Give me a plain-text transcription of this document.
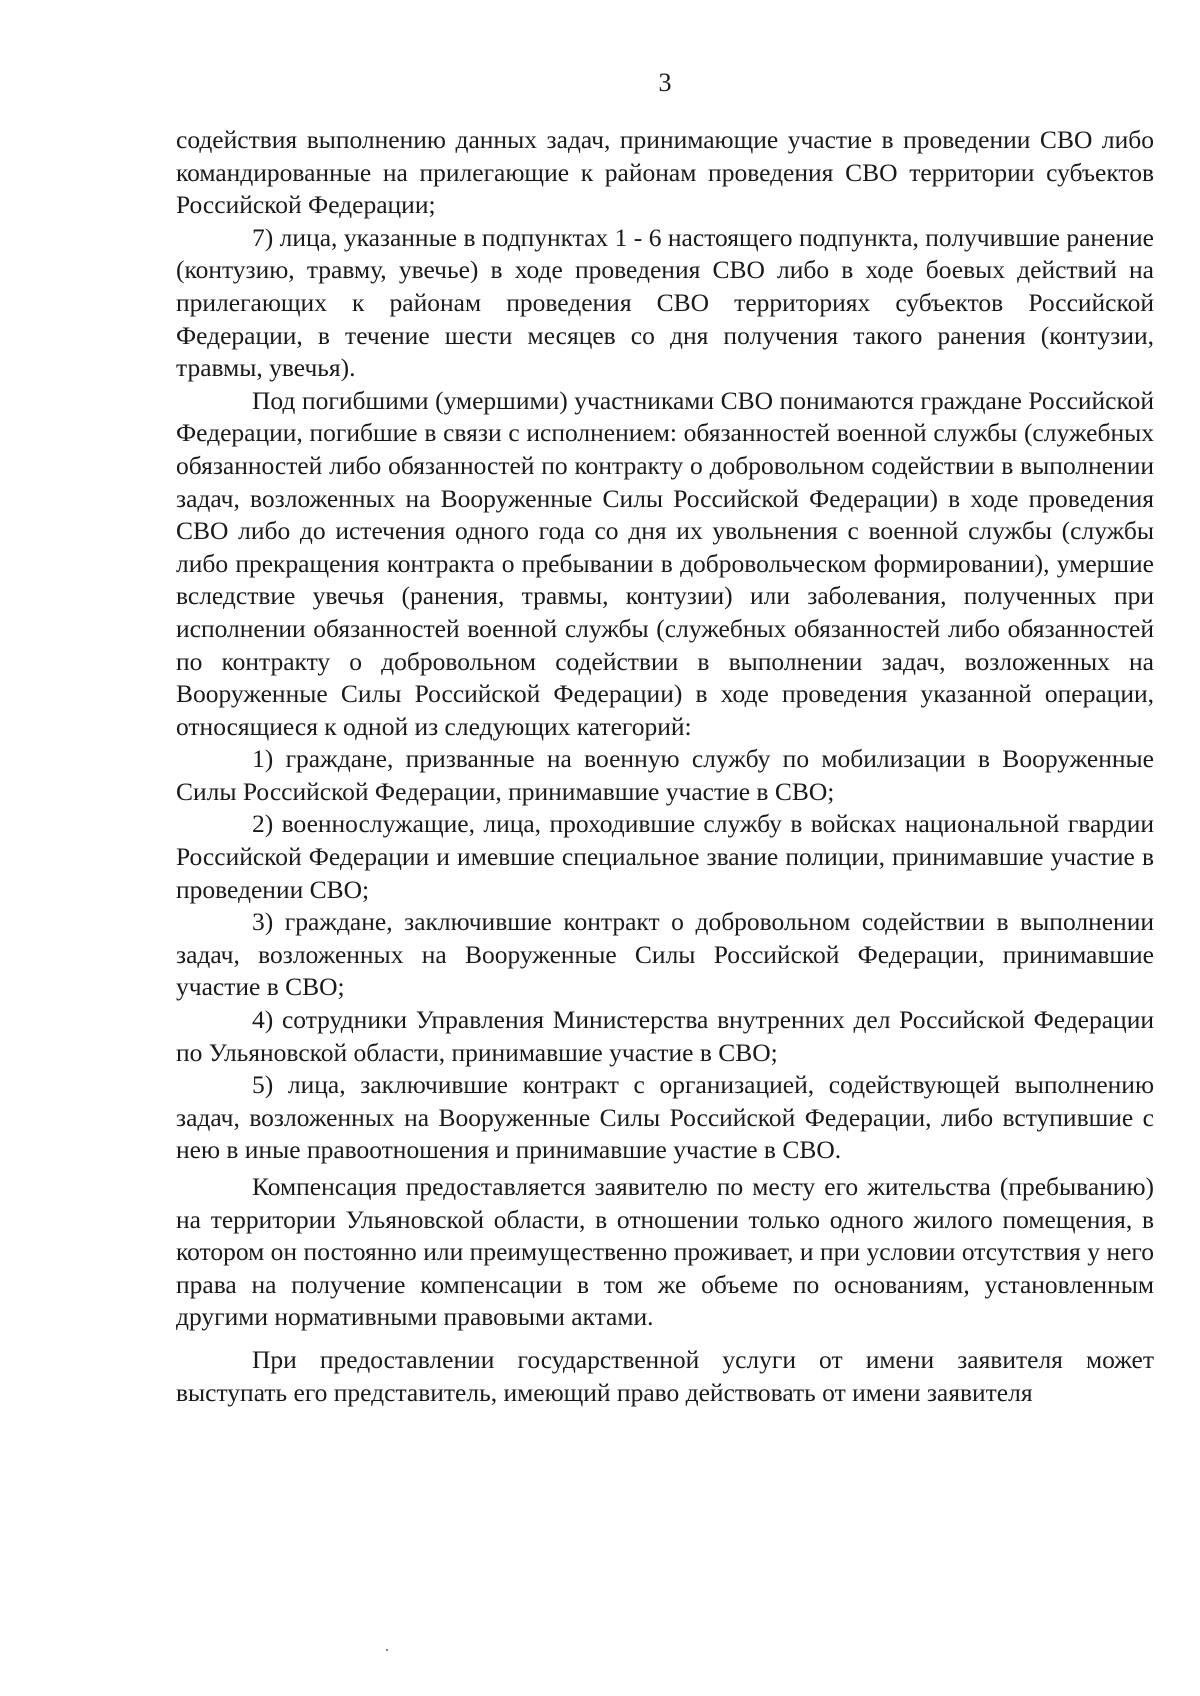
3

содействия выполнению данных задач, принимающие участие в проведении СВО либо командированные на прилегающие к районам проведения СВО территории субъектов Российской Федерации;

7) лица, указанные в подпунктах 1 - 6 настоящего подпункта, получившие ранение (контузию, травму, увечье) в ходе проведения СВО либо в ходе боевых действий на прилегающих к районам проведения СВО территориях субъектов Российской Федерации, в течение шести месяцев со дня получения такого ранения (контузии, травмы, увечья).

Под погибшими (умершими) участниками СВО понимаются граждане Российской Федерации, погибшие в связи с исполнением: обязанностей военной службы (служебных обязанностей либо обязанностей по контракту о добровольном содействии в выполнении задач, возложенных на Вооруженные Силы Российской Федерации) в ходе проведения СВО либо до истечения одного года со дня их увольнения с военной службы (службы либо прекращения контракта о пребывании в добровольческом формировании), умершие вследствие увечья (ранения, травмы, контузии) или заболевания, полученных при исполнении обязанностей военной службы (служебных обязанностей либо обязанностей по контракту о добровольном содействии в выполнении задач, возложенных на Вооруженные Силы Российской Федерации) в ходе проведения указанной операции, относящиеся к одной из следующих категорий:

1) граждане, призванные на военную службу по мобилизации в Вооруженные Силы Российской Федерации, принимавшие участие в СВО;

2) военнослужащие, лица, проходившие службу в войсках национальной гвардии Российской Федерации и имевшие специальное звание полиции, принимавшие участие в проведении СВО;

3) граждане, заключившие контракт о добровольном содействии в выполнении задач, возложенных на Вооруженные Силы Российской Федерации, принимавшие участие в СВО;

4) сотрудники Управления Министерства внутренних дел Российской Федерации по Ульяновской области, принимавшие участие в СВО;

5) лица, заключившие контракт с организацией, содействующей выполнению задач, возложенных на Вооруженные Силы Российской Федерации, либо вступившие с нею в иные правоотношения и принимавшие участие в СВО.

Компенсация предоставляется заявителю по месту его жительства (пребыванию) на территории Ульяновской области, в отношении только одного жилого помещения, в котором он постоянно или преимущественно проживает, и при условии отсутствия у него права на получение компенсации в том же объеме по основаниям, установленным другими нормативными правовыми актами.

При предоставлении государственной услуги от имени заявителя может выступать его представитель, имеющий право действовать от имени заявителя
